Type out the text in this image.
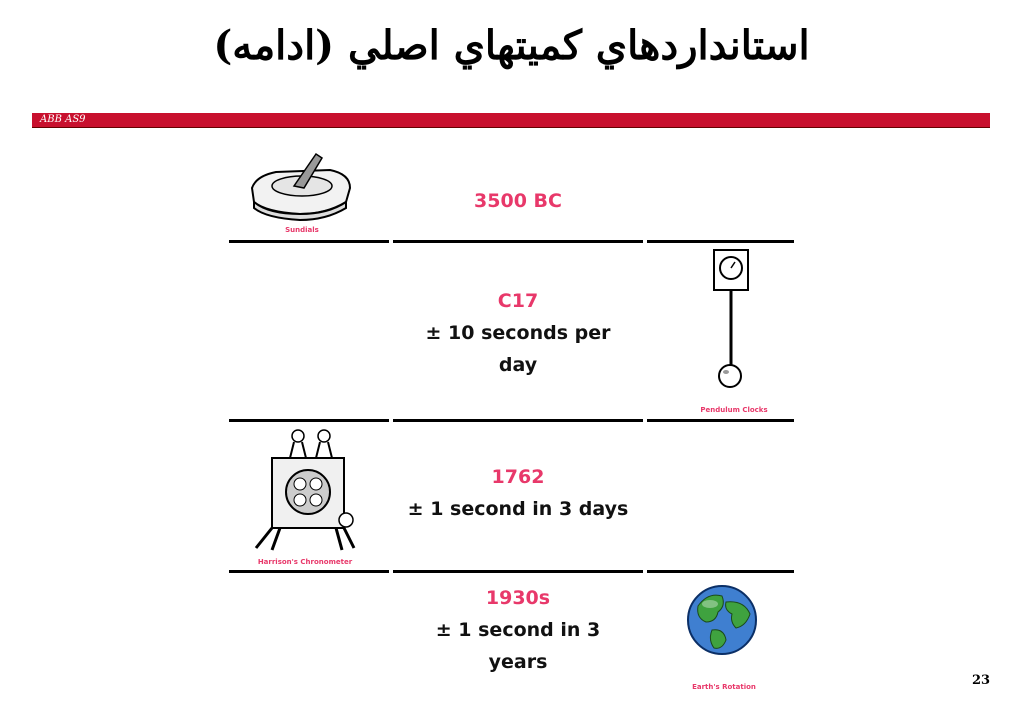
استانداردهاي كميتهاي اصلي (ادامه)
ABB AS9
Sundials
3500 BC
C17
± 10 seconds per day
Pendulum Clocks
Harrison's Chronometer
1762
± 1 second in 3 days
1930s
± 1 second in 3 years
Earth's Rotation	23
